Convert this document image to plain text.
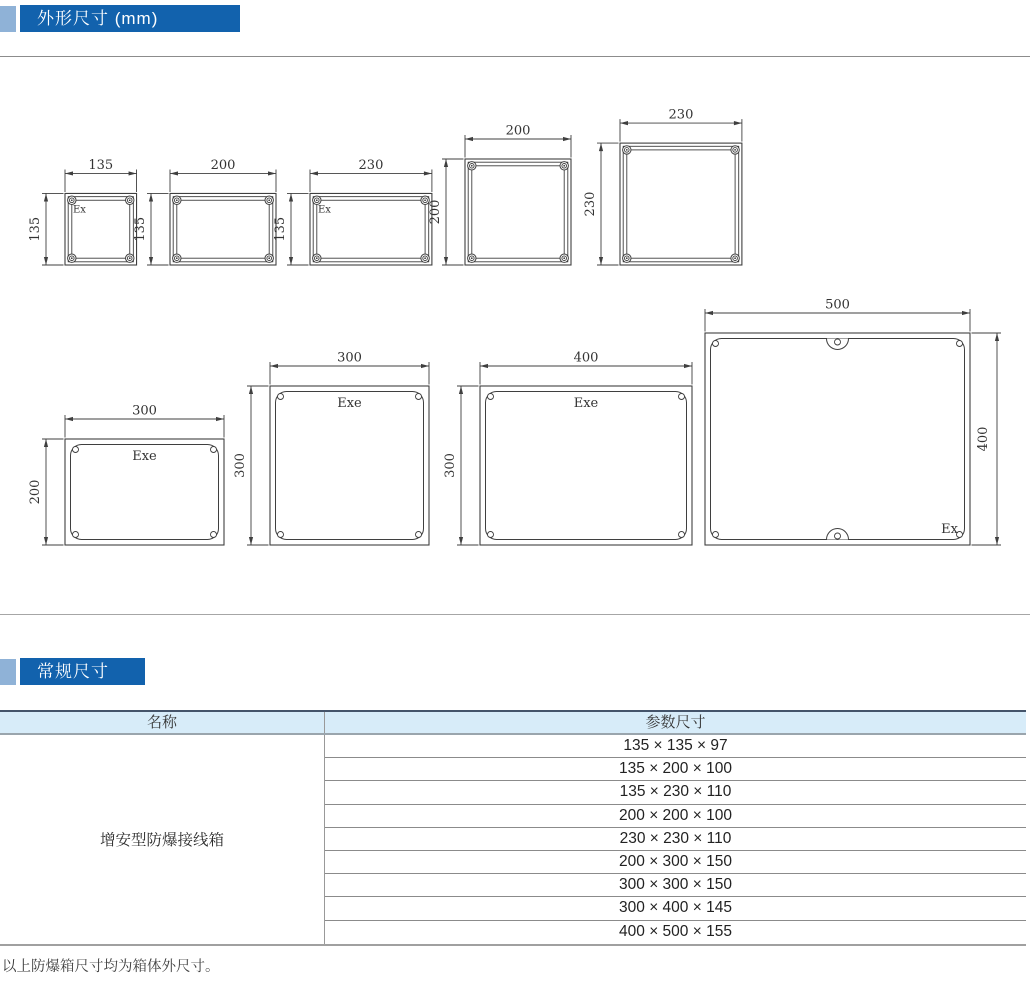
外形尺寸 (mm)
Ex
135
135
200
135
Ex
230
135
200
200
230
230
Exe
300
200
Exe
300
300
Exe
400
300
Ex
500
400
常规尺寸
名称	参数尺寸
增安型防爆接线箱
135 × 135 × 97
135 × 200 × 100
135 × 230 × 110
200 × 200 × 100
230 × 230 × 110
200 × 300 × 150
300 × 300 × 150
300 × 400 × 145
400 × 500 × 155
以上防爆箱尺寸均为箱体外尺寸。
